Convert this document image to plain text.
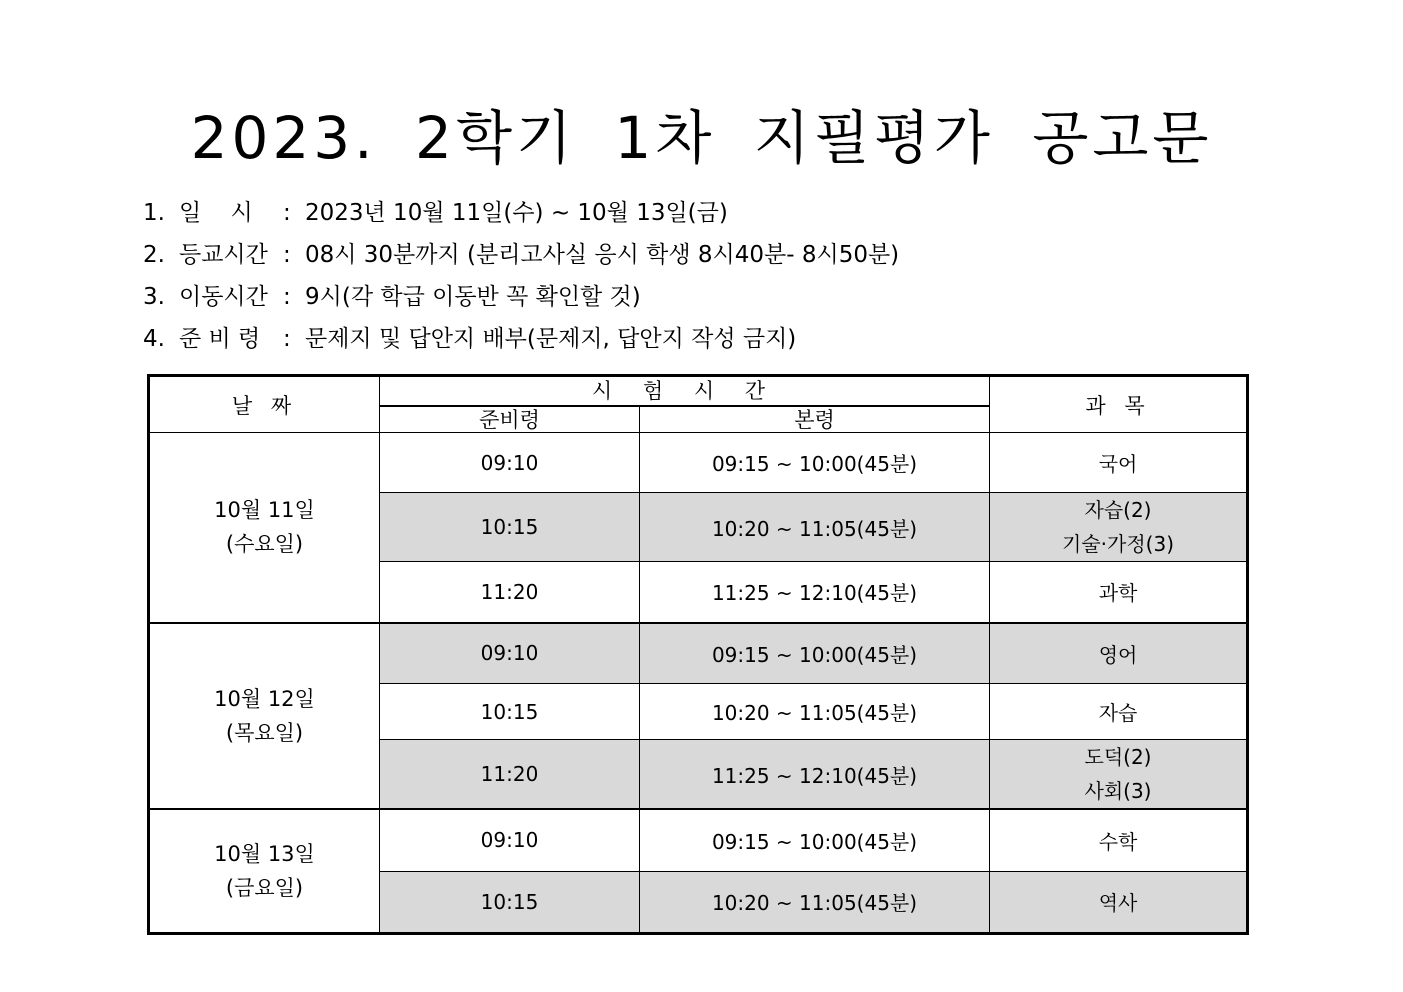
2023. 2학기 1차 지필평가 공고문
1. 일    시 : 2023년 10월 11일(수) ~ 10월 13일(금)
2. 등교시간 : 08시 30분까지 (분리고사실 응시 학생 8시40분- 8시50분)
3. 이동시간 : 9시(각 학급 이동반 꼭 확인할 것)
4. 준 비 령 : 문제지 및 답안지 배부(문제지, 답안지 작성 금지)
날 짜	시 험 시 간		과 목
	준비령	본령	

10월 11일
(수요일)	09:10	09:15 ~ 10:00(45분)	국어

	10:15	10:20 ~ 11:05(45분)	자습(2)
기술·가정(3)

	11:20	11:25 ~ 12:10(45분)	과학

10월 12일
(목요일)	09:10	09:15 ~ 10:00(45분)	영어

	10:15	10:20 ~ 11:05(45분)	자습

	11:20	11:25 ~ 12:10(45분)	도덕(2)
사회(3)

10월 13일
(금요일)	09:10	09:15 ~ 10:00(45분)	수학

	10:15	10:20 ~ 11:05(45분)	역사
